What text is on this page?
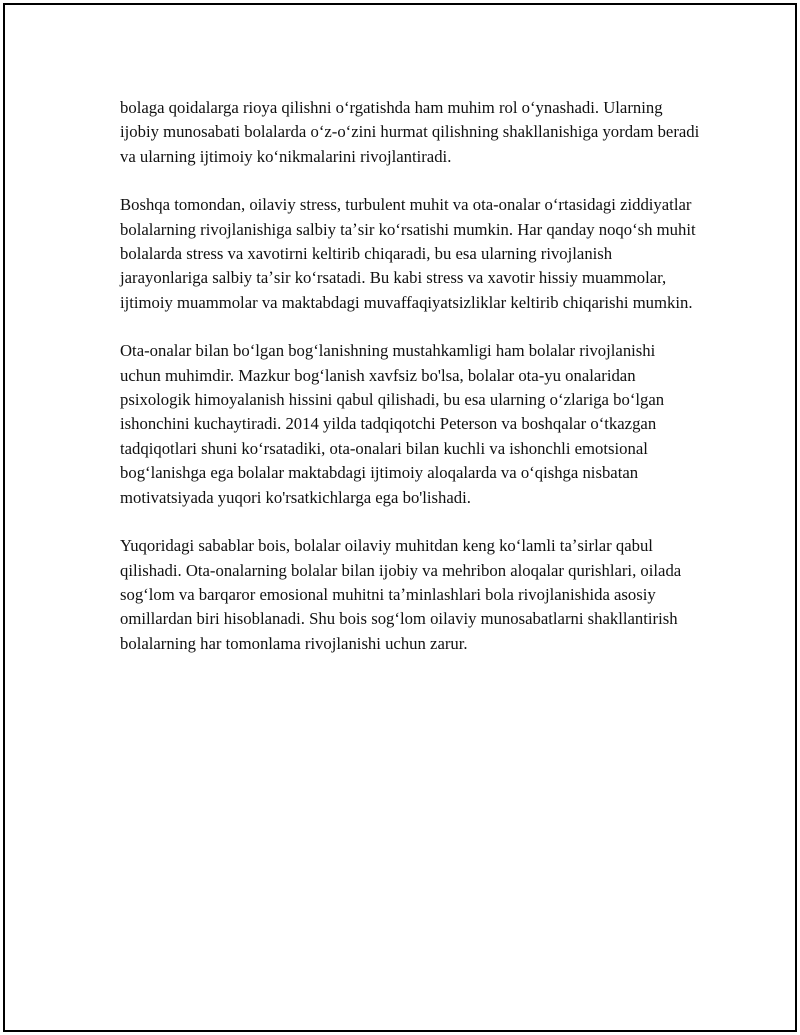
bolaga qoidalarga rioya qilishni oʻrgatishda ham muhim rol oʻynashadi. Ularning ijobiy munosabati bolalarda oʻz-oʻzini hurmat qilishning shakllanishiga yordam beradi va ularning ijtimoiy koʻnikmalarini rivojlantiradi.

Boshqa tomondan, oilaviy stress, turbulent muhit va ota-onalar oʻrtasidagi ziddiyatlar bolalarning rivojlanishiga salbiy taʼsir koʻrsatishi mumkin. Har qanday noqoʻsh muhit bolalarda stress va xavotirni keltirib chiqaradi, bu esa ularning rivojlanish jarayonlariga salbiy taʼsir koʻrsatadi. Bu kabi stress va xavotir hissiy muammolar, ijtimoiy muammolar va maktabdagi muvaffaqiyatsizliklar keltirib chiqarishi mumkin.

Ota-onalar bilan boʻlgan bogʻlanishning mustahkamligi ham bolalar rivojlanishi uchun muhimdir. Mazkur bogʻlanish xavfsiz bo'lsa, bolalar ota-yu onalaridan psixologik himoyalanish hissini qabul qilishadi, bu esa ularning oʻzlariga boʻlgan ishonchini kuchaytiradi. 2014 yilda tadqiqotchi Peterson va boshqalar oʻtkazgan tadqiqotlari shuni koʻrsatadiki, ota-onalari bilan kuchli va ishonchli emotsional bogʻlanishga ega bolalar maktabdagi ijtimoiy aloqalarda va oʻqishga nisbatan motivatsiyada yuqori ko'rsatkichlarga ega bo'lishadi.

Yuqoridagi sabablar bois, bolalar oilaviy muhitdan keng koʻlamli taʼsirlar qabul qilishadi. Ota-onalarning bolalar bilan ijobiy va mehribon aloqalar qurishlari, oilada sogʻlom va barqaror emosional muhitni taʼminlashlari bola rivojlanishida asosiy omillardan biri hisoblanadi. Shu bois sogʻlom oilaviy munosabatlarni shakllantirish bolalarning har tomonlama rivojlanishi uchun zarur.
